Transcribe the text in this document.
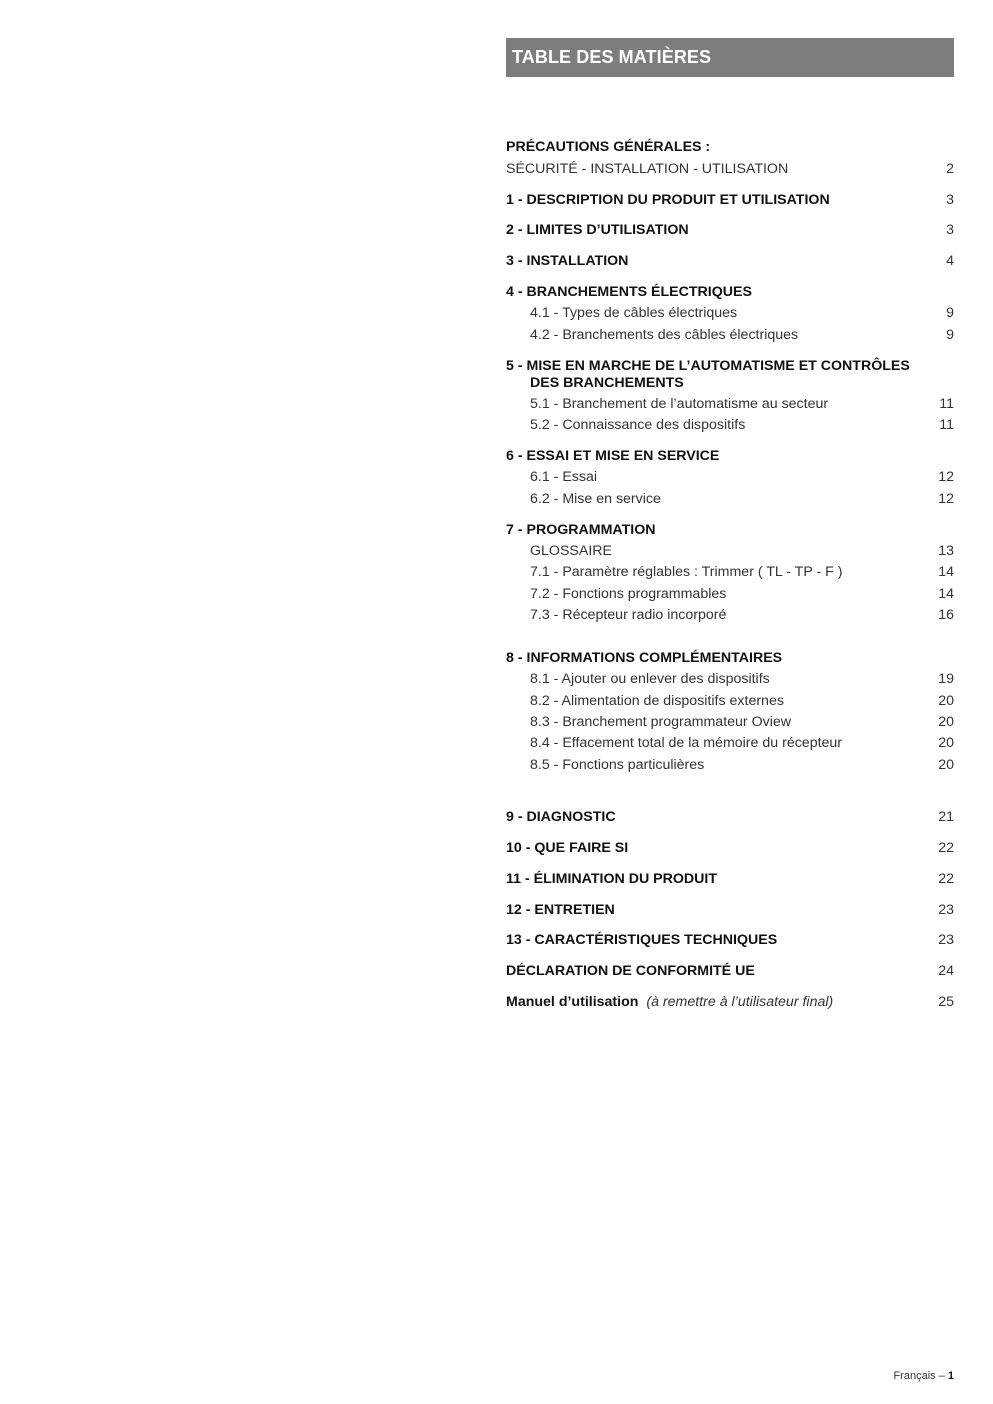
TABLE DES MATIÈRES
PRÉCAUTIONS GÉNÉRALES :
SÉCURITÉ - INSTALLATION - UTILISATION	2
1 - DESCRIPTION DU PRODUIT ET UTILISATION	3
2 - LIMITES D’UTILISATION	3
3 - INSTALLATION	4
4 - BRANCHEMENTS ÉLECTRIQUES
4.1 - Types de câbles électriques	9
4.2 - Branchements des câbles électriques	9
5 - MISE EN MARCHE DE L’AUTOMATISME ET CONTRÔLES
DES BRANCHEMENTS
5.1 - Branchement de l’automatisme au secteur	11
5.2 - Connaissance des dispositifs	11
6 - ESSAI ET MISE EN SERVICE
6.1 - Essai	12
6.2 - Mise en service	12
7 - PROGRAMMATION
GLOSSAIRE	13
7.1 - Paramètre réglables : Trimmer ( TL - TP - F )	14
7.2 - Fonctions programmables	14
7.3 - Récepteur radio incorporé	16
8 - INFORMATIONS COMPLÉMENTAIRES
8.1 - Ajouter ou enlever des dispositifs	19
8.2 - Alimentation de dispositifs externes	20
8.3 - Branchement programmateur Oview	20
8.4 - Effacement total de la mémoire du récepteur	20
8.5 - Fonctions particulières	20
9 - DIAGNOSTIC	21
10 - QUE FAIRE SI	22
11 - ÉLIMINATION DU PRODUIT	22
12 - ENTRETIEN	23
13 - CARACTÉRISTIQUES TECHNIQUES	23
DÉCLARATION DE CONFORMITÉ UE	24
Manuel d’utilisation (à remettre à l’utilisateur final)	25
Français – 1
